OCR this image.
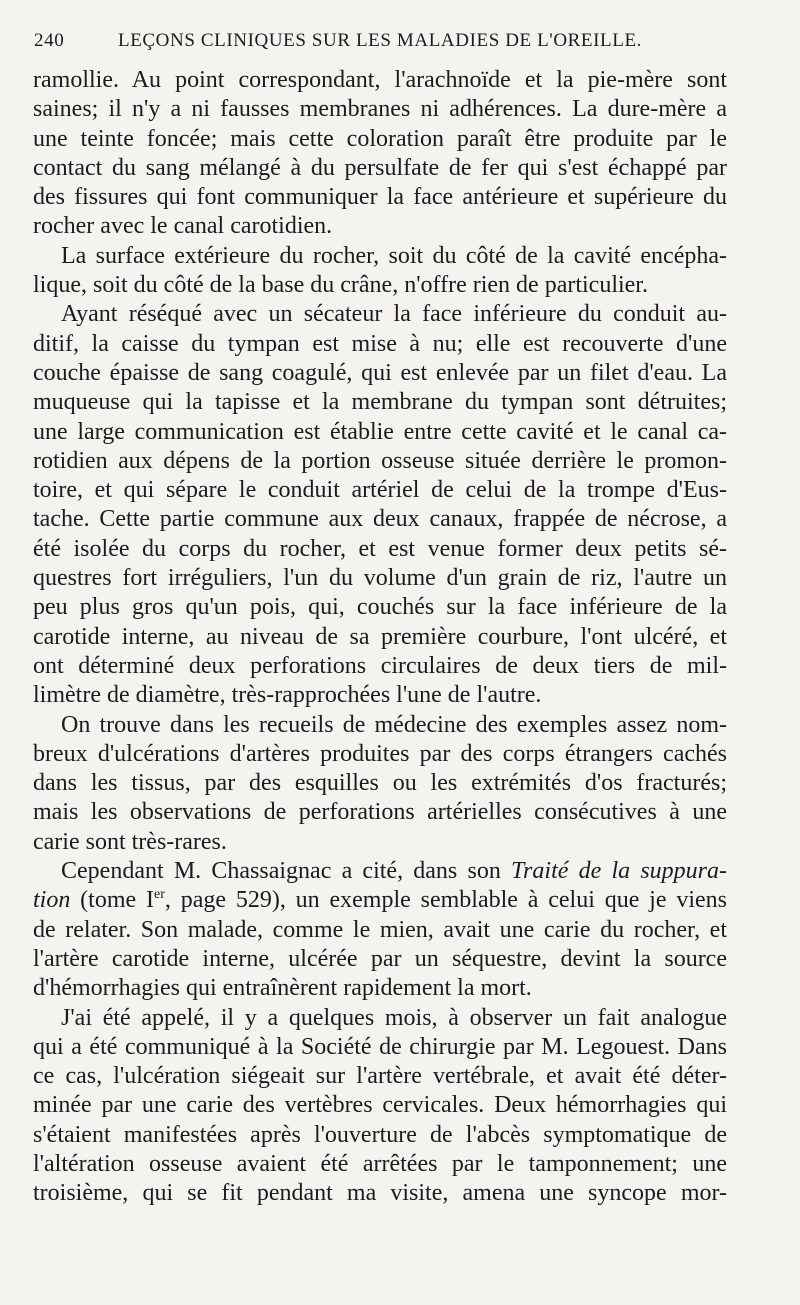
240	LEÇONS CLINIQUES SUR LES MALADIES DE L'OREILLE.
ramollie. Au point correspondant, l'arachnoïde et la pie-mère sont
saines; il n'y a ni fausses membranes ni adhérences. La dure-mère a
une teinte foncée; mais cette coloration paraît être produite par le
contact du sang mélangé à du persulfate de fer qui s'est échappé par
des fissures qui font communiquer la face antérieure et supérieure du
rocher avec le canal carotidien.
La surface extérieure du rocher, soit du côté de la cavité encépha-
lique, soit du côté de la base du crâne, n'offre rien de particulier.
Ayant réséqué avec un sécateur la face inférieure du conduit au-
ditif, la caisse du tympan est mise à nu; elle est recouverte d'une
couche épaisse de sang coagulé, qui est enlevée par un filet d'eau. La
muqueuse qui la tapisse et la membrane du tympan sont détruites;
une large communication est établie entre cette cavité et le canal ca-
rotidien aux dépens de la portion osseuse située derrière le promon-
toire, et qui sépare le conduit artériel de celui de la trompe d'Eus-
tache. Cette partie commune aux deux canaux, frappée de nécrose, a
été isolée du corps du rocher, et est venue former deux petits sé-
questres fort irréguliers, l'un du volume d'un grain de riz, l'autre un
peu plus gros qu'un pois, qui, couchés sur la face inférieure de la
carotide interne, au niveau de sa première courbure, l'ont ulcéré, et
ont déterminé deux perforations circulaires de deux tiers de mil-
limètre de diamètre, très-rapprochées l'une de l'autre.
On trouve dans les recueils de médecine des exemples assez nom-
breux d'ulcérations d'artères produites par des corps étrangers cachés
dans les tissus, par des esquilles ou les extrémités d'os fracturés;
mais les observations de perforations artérielles consécutives à une
carie sont très-rares.
Cependant M. Chassaignac a cité, dans son Traité de la suppura-
tion (tome Ier, page 529), un exemple semblable à celui que je viens
de relater. Son malade, comme le mien, avait une carie du rocher, et
l'artère carotide interne, ulcérée par un séquestre, devint la source
d'hémorrhagies qui entraînèrent rapidement la mort.
J'ai été appelé, il y a quelques mois, à observer un fait analogue
qui a été communiqué à la Société de chirurgie par M. Legouest. Dans
ce cas, l'ulcération siégeait sur l'artère vertébrale, et avait été déter-
minée par une carie des vertèbres cervicales. Deux hémorrhagies qui
s'étaient manifestées après l'ouverture de l'abcès symptomatique de
l'altération osseuse avaient été arrêtées par le tamponnement; une
troisième, qui se fit pendant ma visite, amena une syncope mor-
